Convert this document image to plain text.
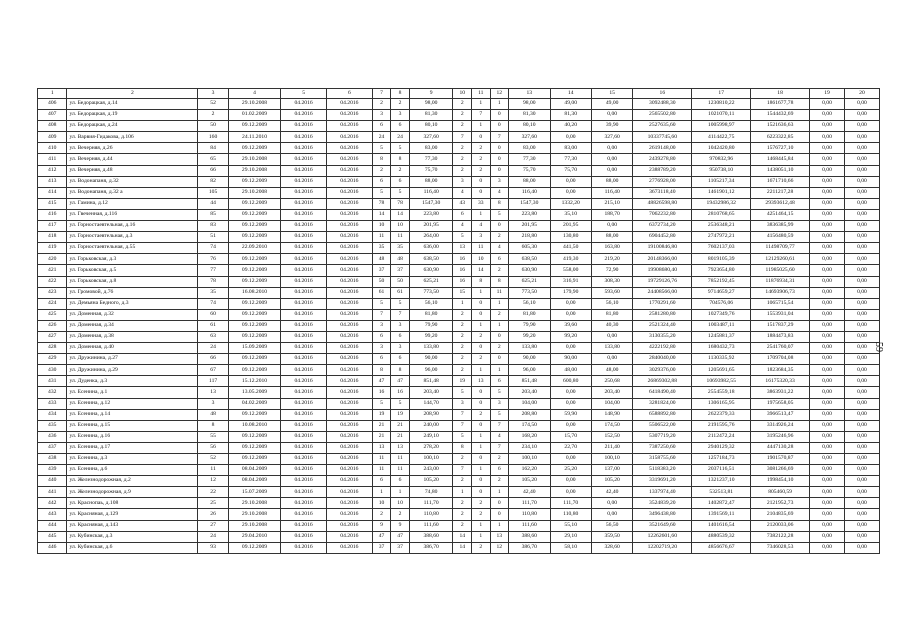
1	2	3	4	5	6	7	8	9	10	11	12	13	14	15	16	17	18	19	20
406	ул. Бедорацкая, д.14	52	29.10.2008	04.2016	04.2016	2	2	98,00	2	1	1	98,00	49,00	49,00	3092488,30	1230810,22	1861677,78	0,00	0,00
407	ул. Бедорацкая, д.19	2	01.02.2009	04.2016	04.2016	3	3	81,30	2	7	0	81,30	81,30	0,00	2565502,80	1021070,11	1544432,69	0,00	0,00
408	ул. Бедорацкая, д.24	50	09.12.2009	04.2016	04.2016	6	6	80,10	2	1	0	80,10	40,20	39,90	2527635,60	1005998,97	1521636,63	0,00	0,00
409	ул. Варвия-Гидакова, д.106	160	24.11.2010	04.2016	04.2016	24	24	327,60	7	0	7	327,60	0,00	327,60	10337745,60	4114422,75	6223322,85	0,00	0,00
410	ул. Вечерняя, д.26	84	09.12.2009	04.2016	04.2016	5	5	83,00	2	2	0	83,00	83,00	0,00	2619148,00	1042420,80	1576727,10	0,00	0,00
411	ул. Вечерняя, д.44	65	29.10.2008	04.2016	04.2016	8	8	77,30	2	2	0	77,30	77,30	0,00	2439278,80	970832,96	1468445,84	0,00	0,00
412	ул. Вечерняя, д.48	66	29.10.2008	04.2016	04.2016	2	2	75,70	2	2	0	75,70	75,70	0,00	2388789,20	950738,10	1438051,10	0,00	0,00
413	ул. Водонапаня, д.32	82	09.12.2009	04.2016	04.2016	6	6	88,00	3	0	3	88,00	0,00	88,00	2776928,00	1105217,34	1671710,66	0,00	0,00
414	ул. Водонапаня, д.32 а	105	29.10.2008	04.2016	04.2016	5	5	116,40	4	0	4	116,40	0,00	116,40	3673118,40	1461901,12	2211217,28	0,00	0,00
415	ул. Гамина, д.12	44	09.12.2009	04.2016	04.2016	78	78	1547,30	43	33	8	1547,30	1332,20	215,10	48826598,80	19432986,32	29393612,48	0,00	0,00
416	ул. Гвеченная, д.116	85	09.12.2009	04.2016	04.2016	14	14	223,80	6	1	5	223,80	35,10	188,70	7062232,80	2810768,65	4251464,15	0,00	0,00
417	ул. Горностаевтельная, д.16	83	09.12.2009	04.2016	04.2016	10	10	201,95	4	4	0	201,95	201,95	0,00	6372734,20	2536348,21	3836385,99	0,00	0,00
418	ул. Горностаевтельная, д.3	51	09.12.2009	04.2016	04.2016	11	11	264,00	5	3	2	218,80	130,80	88,00	6904452,80	2747972,21	4156480,59	0,00	0,00
419	ул. Горностаевтельная, д.55	74	22.09.2010	04.2016	04.2016	35	35	636,00	13	11	4	605,30	441,50	163,80	19100846,80	7602137,03	11498709,77	0,00	0,00
420	ул. Горьковская, д.3	76	09.12.2009	04.2016	04.2016	48	48	638,50	16	10	6	638,50	419,30	219,20	20148366,00	8019105,39	12129260,61	0,00	0,00
421	ул. Горьковская, д.5	77	09.12.2009	04.2016	04.2016	37	37	630,90	16	14	2	630,90	558,00	72,90	19908680,40	7923654,80	11985025,60	0,00	0,00
422	ул. Горьковская, д.8	78	09.12.2009	04.2016	04.2016	50	50	625,21	16	8	8	625,21	316,91	308,30	19729126,76	7852192,45	11876934,31	0,00	0,00
423	ул. Громовой, д.76	35	16.08.2010	04.2016	04.2016	61	61	773,50	15	1	11	773,50	179,90	593,60	24408566,00	9714659,27	14693906,73	0,00	0,00
424	ул. Демьяна Бедного, д.3	74	09.12.2009	04.2016	04.2016	5	5	56,10	1	0	1	56,10	0,00	56,10	1770291,60	704576,06	1065715,54	0,00	0,00
425	ул. Доменная, д.32	60	09.12.2009	04.2016	04.2016	7	7	81,80	2	0	2	81,80	0,00	81,80	2581280,80	1027349,76	1553931,04	0,00	0,00
426	ул. Доменная, д.34	61	09.12.2009	04.2016	04.2016	3	3	79,90	2	1	1	79,90	39,60	40,30	2521324,40	1003487,11	1517837,29	0,00	0,00
427	ул. Доменная, д.38	63	09.12.2009	04.2016	04.2016	6	6	99,20	2	2	0	99,20	99,20	0,00	3130355,20	1245881,37	1884473,83	0,00	0,00
428	ул. Доменная, д.40	24	15.09.2009	04.2016	04.2016	3	3	133,80	2	0	2	133,80	0,00	133,80	4222192,80	1680432,73	2541760,07	0,00	0,00
429	ул. Дружинина, д.27	66	09.12.2009	04.2016	04.2016	6	6	90,00	2	2	0	90,00	90,00	0,00	2840040,00	1130335,92	1709704,08	0,00	0,00
430	ул. Дружинина, д.29	67	09.12.2009	04.2016	04.2016	8	8	96,00	2	1	1	96,00	48,00	48,00	3029376,00	1205691,65	1823684,35	0,00	0,00
431	ул. Дуденка, д.3	117	15.12.2010	04.2016	04.2016	47	47	851,48	19	13	6	851,48	600,80	250,68	26869302,88	10693982,55	16175320,33	0,00	0,00
432	ул. Есенина, д.1	13	13.05.2009	04.2016	04.2016	16	16	203,40	5	0	5	203,40	0,00	203,40	6418490,40	2554559,18	3863931,22	0,00	0,00
433	ул. Есенина, д.12	3	04.02.2009	04.2016	04.2016	5	5	144,70	3	0	3	104,00	0,00	104,00	3281824,00	1306165,95	1975658,05	0,00	0,00
434	ул. Есенина, д.14	48	09.12.2009	04.2016	04.2016	19	19	208,90	7	2	5	208,80	59,90	148,90	6588892,80	2622379,33	3966513,47	0,00	0,00
435	ул. Есенина, д.15	8	10.08.2010	04.2016	04.2016	21	21	240,00	7	0	7	174,50	0,00	174,50	5506522,00	2191595,76	3314926,24	0,00	0,00
436	ул. Есенина, д.16	55	09.12.2009	04.2016	04.2016	21	21	249,10	5	1	4	168,20	15,70	152,50	5307719,20	2112472,24	3195246,96	0,00	0,00
437	ул. Есенина, д.17	56	09.12.2009	04.2016	04.2016	13	13	278,20	8	1	7	234,10	22,70	211,40	7387250,60	2940129,32	4447130,28	0,00	0,00
438	ул. Есенина, д.3	52	09.12.2009	04.2016	04.2016	11	11	100,10	2	0	2	100,10	0,00	100,10	3158755,60	1257184,73	1901570,87	0,00	0,00
439	ул. Есенина, д.6	11	08.04.2009	04.2016	04.2016	11	11	243,00	7	1	6	162,20	25,20	137,00	5118383,20	2037116,51	3081266,69	0,00	0,00
440	ул. Железнодорожная, д.2	12	08.04.2009	04.2016	04.2016	6	6	105,20	2	0	2	105,20	0,00	105,20	3319691,20	1321237,10	1998454,10	0,00	0,00
441	ул. Железнодорожная, д.9	22	15.07.2009	04.2016	04.2016	1	1	74,80	1	0	1	42,40	0,00	42,40	1337974,40	532513,81	805460,59	0,00	0,00
442	ул. Краснопаь, д.108	25	29.10.2008	04.2016	04.2016	10	10	111,70	2	2	0	111,70	111,70	0,00	3524839,20	1402872,47	2121952,73	0,00	0,00
443	ул. Красняная, д.129	26	29.10.2008	04.2016	04.2016	2	2	110,80	2	2	0	110,80	110,80	0,00	3496438,80	1391569,11	2104835,69	0,00	0,00
444	ул. Красняная, д.143	27	29.10.2008	04.2016	04.2016	9	9	111,60	2	1	1	111,60	55,10	56,50	3521649,60	1401616,54	2120033,06	0,00	0,00
445	ул. Кубинская, д.3	24	29.04.2010	04.2016	04.2016	47	47	388,60	14	1	13	388,60	29,10	359,50	12262601,60	4880539,32	7382122,28	0,00	0,00
446	ул. Кубинская, д.6	93	09.12.2009	04.2016	04.2016	37	37	386,70	14	2	12	386,70	58,10	328,60	12202719,20	4856676,67	7346028,53	0,00	0,00
59
